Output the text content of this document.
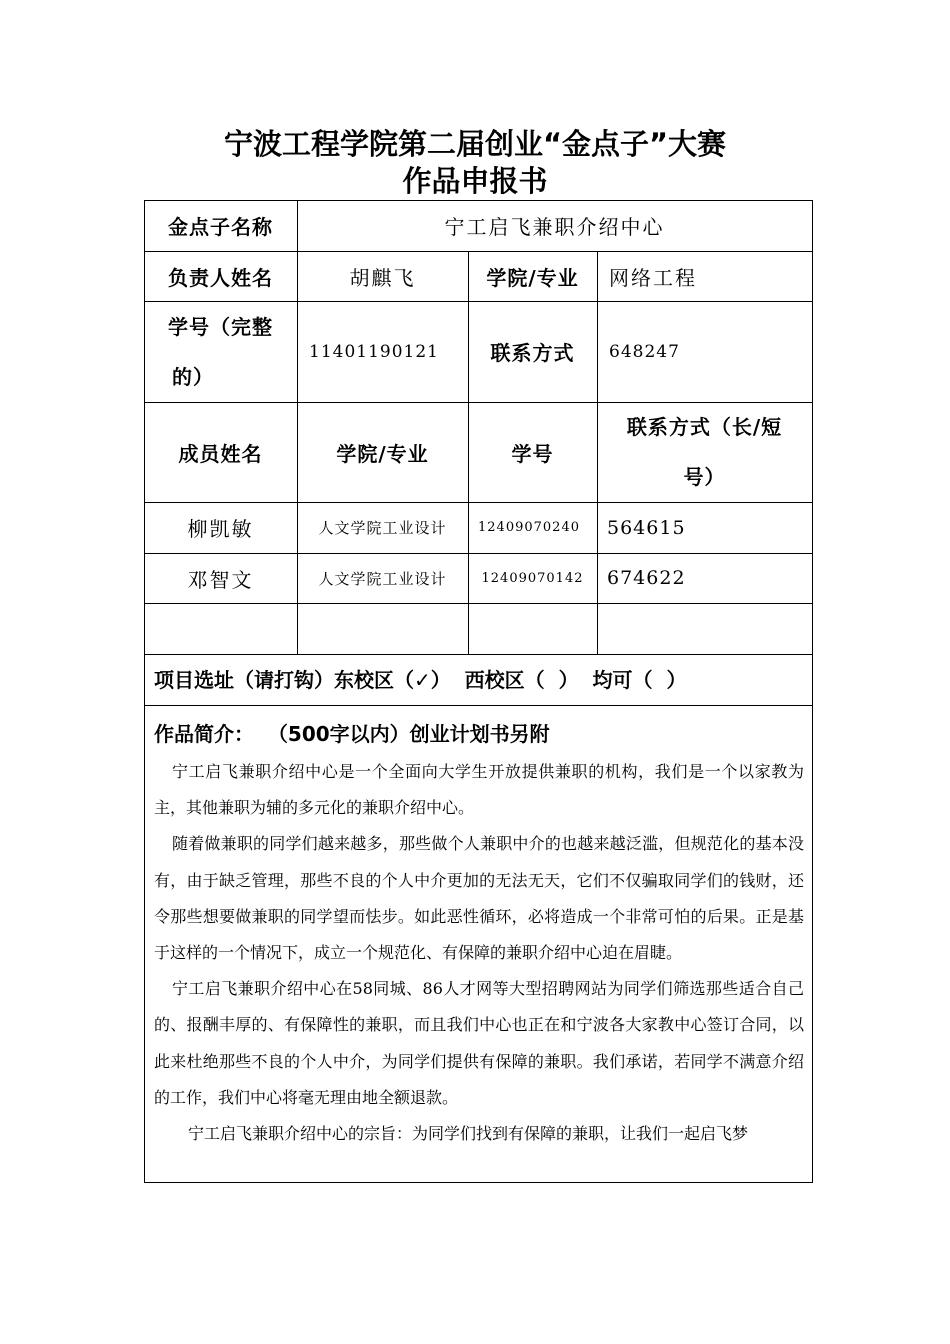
宁波工程学院第二届创业“金点子”大赛
作品申报书
金点子名称	宁工启飞兼职介绍中心
负责人姓名	胡麒飞	学院/专业	网络工程
学号（完整
的）
11401190121	联系方式	648247
成员姓名	学院/专业	学号
联系方式（长/短
号）
柳凯敏	人文学院工业设计	12409070240	564615
邓智文	人文学院工业设计	12409070142	674622
项目选址（请打钩）东校区（✓）  西校区（  ）  均可（  ）
作品简介：  （500字以内）创业计划书另附

宁工启飞兼职介绍中心是一个全面向大学生开放提供兼职的机构，我们是一个以家教为主，其他兼职为辅的多元化的兼职介绍中心。

随着做兼职的同学们越来越多，那些做个人兼职中介的也越来越泛滥，但规范化的基本没有，由于缺乏管理，那些不良的个人中介更加的无法无天，它们不仅骗取同学们的钱财，还令那些想要做兼职的同学望而怯步。如此恶性循环，必将造成一个非常可怕的后果。正是基于这样的一个情况下，成立一个规范化、有保障的兼职介绍中心迫在眉睫。

宁工启飞兼职介绍中心在58同城、86人才网等大型招聘网站为同学们筛选那些适合自己的、报酬丰厚的、有保障性的兼职，而且我们中心也正在和宁波各大家教中心签订合同，以此来杜绝那些不良的个人中介，为同学们提供有保障的兼职。我们承诺，若同学不满意介绍的工作，我们中心将毫无理由地全额退款。

宁工启飞兼职介绍中心的宗旨：为同学们找到有保障的兼职，让我们一起启飞梦
